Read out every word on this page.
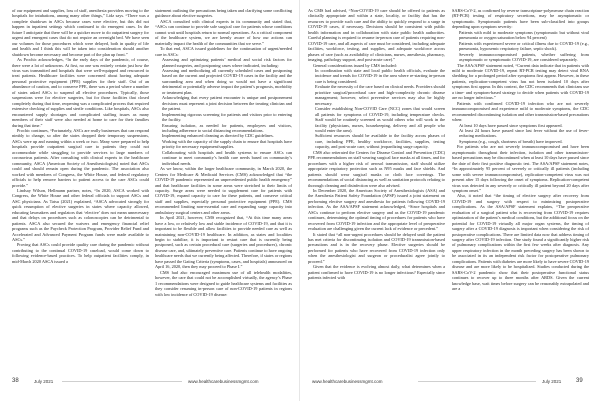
of our equipment and supplies, loss of staff, anesthesia providers moving to the hospitals for intubations, among many other things,” Lidz says. “There was a complete shutdown in ASCs because cases were elective, but this did not happen in inpatient settings which continued to do emergent cases. In the future I anticipate that there will be a quicker move to do outpatient surgery for urgent and emergent cases that do not require an overnight bed. We have seen our volumes for those procedures which were delayed, both in quality of life and health and I think this will be taken into consideration should another shutdown become necessary and become part of the plan up front.”

As Prochic acknowledges, “In the early days of the pandemic, of course, there were a lot of unknowns. At first, no one was entirely certain just how the virus was transmitted and hospitals that were well-equipped and resourced to treat patients. Healthcare facilities were concerned about having adequate personal protective equipment (PPE) supplies for their staff. Out of an abundance of caution, and to conserve PPE, there was a period where a number of states asked ASCs to suspend all elective procedures. Typically, those suspensions were for elective surgeries, but for those facilities that closed completely during that time, reopening was a complicated process that required extensive checking of supplies and sterile conditions. Like hospitals, ASCs also encountered supply shortages and complicated staffing issues as many members of their staff were also needed at home to care for their families during that time.”

Prochic continues, “Fortunately, ASCs are really businesses that can respond nimbly to change, so after the states dropped their temporary suspensions, ASCs were up and running within a week or two. Many were prepared to help hospitals provide outpatient surgical care to patients they could not accommodate while struggling to provide services to large numbers of coronavirus patients. After consulting with clinical experts in the healthcare community, ASCA (American Society of Anesthesiologists) noted that ASCs could and should remain open during the pandemic. The association also worked with members of Congress, the White House, and federal regulatory officials to help remove barriers to patient access to the care ASCs could provide.”

Lindsay Wilson, Hellmann partner, notes, “In 2020, ASCA worked with Congress, the White House and other federal officials to support ASCs and ASC physicians. As Tatsu (2021) explained, “ASCA advocated strongly for quick resumption of elective surgeries in states where capacity allowed, educating lawmakers and regulators that ‘elective’ does not mean unnecessary and that delays on procedures such as colonoscopies can be detrimental to patients. ASCA also secured the waivers and emergency financial relief programs such as the Paycheck Protection Program, Provider Relief Fund and Accelerated and Advanced Payment Program funds were made available to ASCs.”

Proving that ASCs could provide quality care during the pandemic without contributing to the continual COVID-19 caseload, would come down to following evidence-based practices. To help outpatient facilities comply, in mid-March 2020 ASCA issued a

statement outlining the precautions being taken and clarifying some conflicting guidance about elective surgeries.

ASCA consulted with clinical experts in its community and stated that, “ASCs can continue to provide safe surgical care for patients whose conditions cannot wait until hospitals return to normal operations. As a critical component of the healthcare system, we are keenly aware of how our actions can materially impact the health of the communities that we serve.”

To that end, ASCA issued guidelines for the continuation of urgent/needed care in ASCs:

• Assessing and optimizing patients’ medical and social risk factors for planned surgeries, and postponing cases where indicated, including:
• Assessing and methodizing all currently scheduled cases and postponing based on the current and projected COVID-19 cases in the facility and the surrounding area and when doing so would not have a significant detrimental or potentially adverse impact the patient’s prognosis, morbidity or treatment plan.
• Acknowledging that every patient encounter is unique and postponement decisions must represent a joint decision between the treating clinician and the patient.
• Implementing rigorous screening for patients and visitors prior to entering the facility.
• Ensuring isolation, as needed for patients, employees and visitors, including adherence to social distancing recommendations.
• Implementing enhanced cleaning as directed by CDC guidelines.
• Working with the capacity of the supply chain to ensure that hospitals have priority for necessary equipment/supplies.
• Collaborating with hospitals and health systems to ensure ASCs can continue to meet community’s health care needs based on community’s individual needs.

As we know, within the larger healthcare community, in March 2020, the Centers for Medicare & Medicaid Services (CMS) acknowledged that “the COVID-19 pandemic represented an unprecedented public health emergency” and that healthcare facilities in some areas were stretched to their limits of capacity. Surge areas were needed to supplement care for patients with COVID-19, expand capacity to care for these patients, and conserve critical staff and supplies, especially personal protective equipment (PPE). CMS recommended limiting non-essential care and expanding surge capacity into ambulatory surgical centers and other areas.

In April 2021, however, CMS recognized that, “At this time many areas have a low, or relatively low and stable incidence of COVID-19, and that it is important to be flexible and allow facilities to provide needed care as well as maintaining non-COVID-19 healthcare. In addition, as states and localities begin to stabilize, it is important to restart care that is currently being postponed, such as certain procedural care (surgeries and procedures), chronic disease care, and, ultimately preventive care. Patients continue to have ongoing healthcare needs that we currently being affected. Therefore, if states or regions have passed the Gating Criteria (symptoms, cases, and hospitals) announced on April 16, 2020, then they may proceed to Phase I.”

CMS had also encouraged maximum use of all telehealth modalities, however, the care that could not be accomplished virtually, the agency’s Phase 1 recommendations were designed to guide healthcare systems and facilities as they consider resuming in-person care of non-COVID-19 patients in regions with low incidence of COVID-19 disease:

As CMS had advised, “Non-COVID-19 care should be offered to patients as clinically appropriate and within a state, locality, or facility that has the resources to provide such care and the ability to quickly respond to a surge in COVID-19 cases, if necessary. Decisions should be consistent with public health information and in collaboration with state public health authorities. Careful planning is required to resume in-person care of patients requiring non-COVID-19 care, and all aspects of care must be considered, including adequate facilities, workforce, testing, and supplies, and adequate workforce across phases of care (such as availability of clinicians, nurses, anesthesia, pharmacy, imaging, pathology support, and post-acute care).”

General considerations issued by CMS included:

• In coordination with state and local public health officials, evaluate the incidence and trends for COVID-19 in the area where re-starting in-person care is being considered.
• Evaluate the necessity of the care based on clinical needs. Providers should prioritize surgical/procedural care and high-complexity chronic disease management; however, select preventive services may also be highly necessary.
• Consider establishing Non-COVID Care (NCC) zones that would screen all patients for symptoms of COVID-19, including temperature checks. Staff would be routinely screened as would others who will work in the facility (physicians, nurses, housekeeping, delivery and all people who would enter the area).
• Sufficient resources should be available to the facility across phases of care, including PPE, healthy workforce, facilities, supplies, testing capacity, and post-acute care, without jeopardizing surge capacity.

CMS also reiterated the Centers for Disease Control and Prevention (CDC) PPE recommendations on staff wearing surgical face masks at all times, and for procedures with a higher risk of aerosol transmission, staff should utilize appropriate respiratory protection such as N95 masks and face shields. And patients should wear surgical masks or cloth face coverings. The recommendations of social distancing as well as sanitation protocols relating to thorough cleaning and disinfection were also advised.

In December 2020, the American Society of Anesthesiologists (ASA) and the Anesthesia Patient Safety Foundation (APSF) issued a joint statement on performing elective surgery and anesthesia for patients following COVID-19 infection. As the ASA/APSF statement acknowledged, “Since hospitals and ASCs continue to perform elective surgery and as the COVID-19 pandemic continues, determining the optimal timing of procedures for patients who have recovered from COVID-19 infection and the appropriate level of preoperative evaluation are challenging given the current lack of evidence or precedent.”

It stated that “all non-urgent procedures should be delayed until the patient has met criteria for discontinuing isolation and COVID-19 transmission-based precautions and is in the recovery phase. Elective surgeries should be performed for patients who have recovered from COVID-19 infection only when the anesthesiologist and surgeon or proceduralist agree jointly to proceed.”

Given that the evidence is evolving almost daily, what determines when a patient confirmed to have COVID-19 is no longer infectious? Especially since patients infected with

SARS-CoV-2, as confirmed by reverse transcriptase-polymerase chain reaction (RT-PCR) testing of respiratory secretions, may be asymptomatic or symptomatic. Symptomatic patients have been sub-classified into groups depending upon symptom severity:

• Patients with mild to moderate symptoms (symptomatic but without viral pneumonia or oxygen saturation below 94 percent)
• Patients with experienced severe or critical illness due to COVID-19 (e.g., pneumonia, hypoxemic respiratory failure, septic shock).
• Severely immunocompromised patients, whether suffering from asymptomatic or symptomatic COVID-19, are considered separately.

The ASA/APSF statement noted, “Current data indicate that in patients with mild to moderate COVID-19, repeat RT-PCR testing may detect viral RNA shedding for a prolonged period after symptoms first appear. However, in these patients, replication-competent virus has not been isolated 10 days after symptoms first appear. In this context, the CDC recommends that clinicians use a time- and symptom-based strategy to decide when patients with COVID-19 are no longer infectious.”

Patients with confirmed COVID-19 infection who are not severely immunocompromised and experience mild to moderate symptoms, the CDC recommended discontinuing isolation and other transmission-based precautions when:

• At least 10 days have passed since symptoms first appeared.
• At least 24 hours have passed since last fever without the use of fever-reducing medications.
• Symptoms (e.g., cough, shortness of breath) have improved.

For patients who are not severely immunocompromised and have been asymptomatic throughout their infection, isolation and other transmission-based precautions may be discontinued when at least 10 days have passed since the date of their first positive diagnostic test. The ASA/APSF statement notes, “In approximately 95 percent of severely or critically ill patients (including some with severe immunocompromise), replication-competent virus was not present after 15 days following the onset of symptoms. Replication-competent virus was detected in any severely or critically ill patient beyond 20 days after symptom onset.”

Also, it noted that “the timing of elective surgery after recovery from COVID-19 and surgery with respect to minimizing postoperative complications. As the ASA/APSF statement explains, “The preoperative evaluation of a surgical patient who is recovering from COVID-19 requires optimization of the patient’s medical conditions, but the additional focus on the potential for COVID-19 virtually all major organ systems, the timing of surgery after a COVID-19 diagnosis is important when considering the risk of postoperative complications. There are limited data now that address timing of surgery after COVID-19 infection. One study found a significantly higher risk of pulmonary complications within the first few weeks after diagnosis. Any upper respiratory infection in the month preceding surgery has been shown to be associated in its an independent risk factor for postoperative pulmonary complications. Patients with diabetes are more likely to have severe COVID-19 disease and are more likely to be hospitalized. Studies conducted during the SARS-CoV-2 pandemic show that their postoperative functional status continues to recover up to three months after ARDS. Given the current knowledge base, wait times before surgery can be reasonably extrapolated and are a

38	July 2021	www.healthcarebusinessmgmt.com	www.healthcarebusinessmgmt.com	July 2021 39
